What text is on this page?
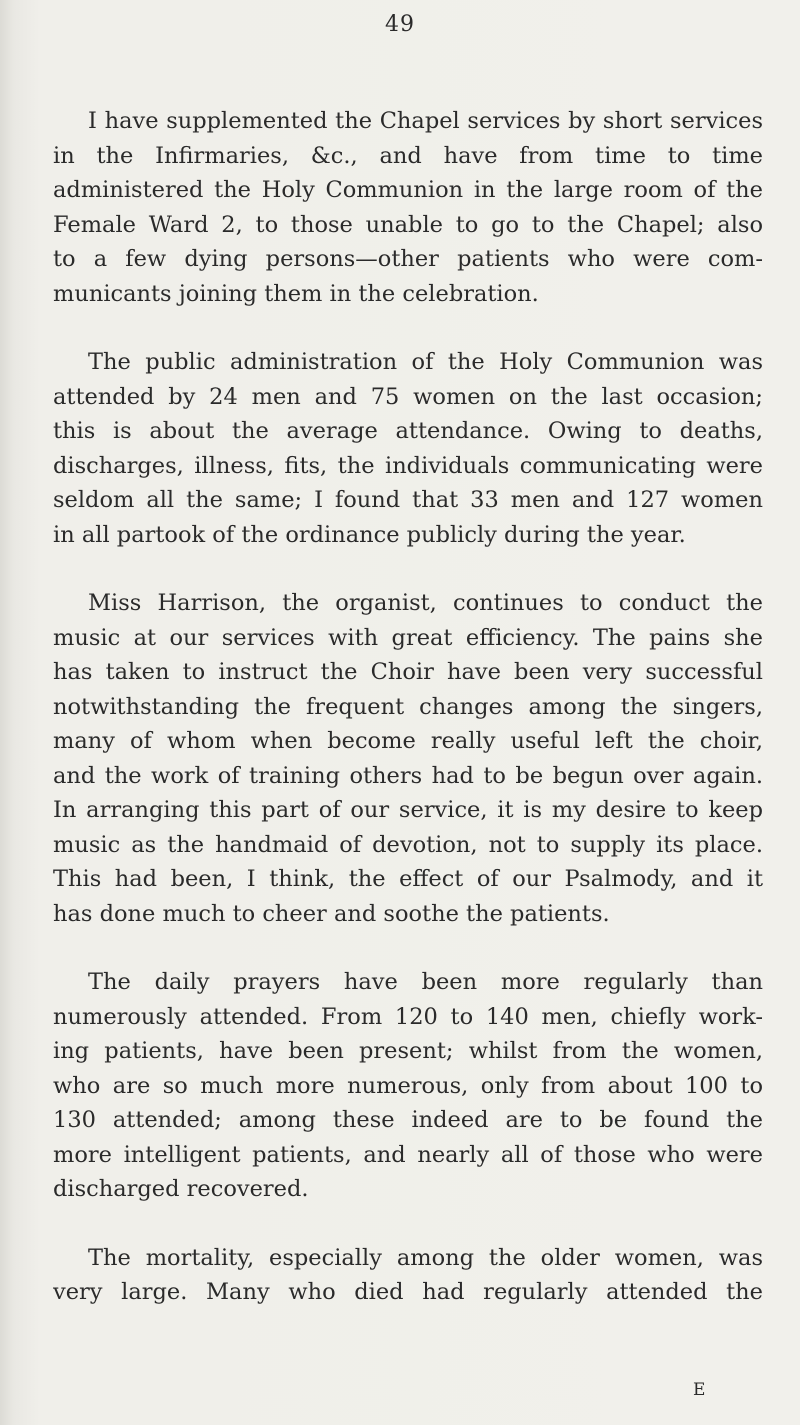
49
I have supplemented the Chapel services by short services
in the Infirmaries, &c., and have from time to time
administered the Holy Communion in the large room of the
Female Ward 2, to those unable to go to the Chapel; also
to a few dying persons—other patients who were com-
municants joining them in the celebration.
The public administration of the Holy Communion was
attended by 24 men and 75 women on the last occasion;
this is about the average attendance. Owing to deaths,
discharges, illness, fits, the individuals communicating were
seldom all the same; I found that 33 men and 127 women
in all partook of the ordinance publicly during the year.
Miss Harrison, the organist, continues to conduct the
music at our services with great efficiency. The pains she
has taken to instruct the Choir have been very successful
notwithstanding the frequent changes among the singers,
many of whom when become really useful left the choir,
and the work of training others had to be begun over again.
In arranging this part of our service, it is my desire to keep
music as the handmaid of devotion, not to supply its place.
This had been, I think, the effect of our Psalmody, and it
has done much to cheer and soothe the patients.
The daily prayers have been more regularly than
numerously attended. From 120 to 140 men, chiefly work-
ing patients, have been present; whilst from the women,
who are so much more numerous, only from about 100 to
130 attended; among these indeed are to be found the
more intelligent patients, and nearly all of those who were
discharged recovered.
The mortality, especially among the older women, was
very large. Many who died had regularly attended the
E
